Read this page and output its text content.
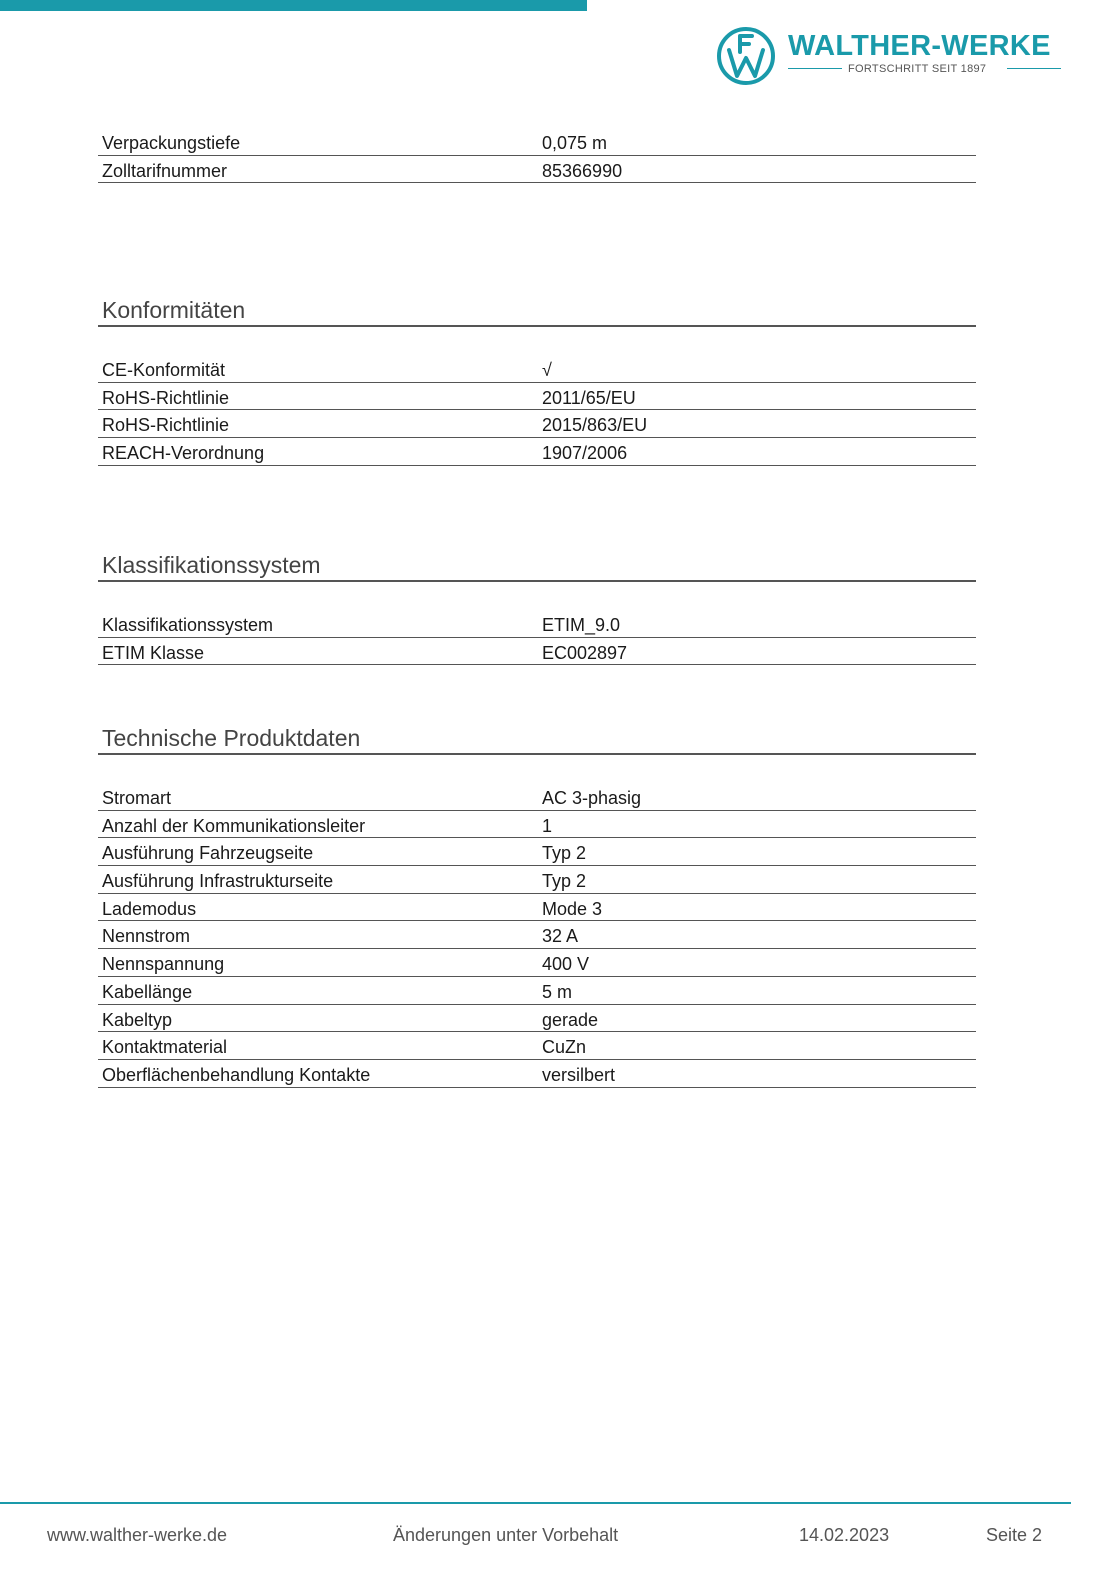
WALTHER-WERKE
FORTSCHRITT SEIT 1897
Verpackungstiefe	0,075 m
Zolltarifnummer	85366990
Konformitäten
CE-Konformität	√
RoHS-Richtlinie	2011/65/EU
RoHS-Richtlinie	2015/863/EU
REACH-Verordnung	1907/2006
Klassifikationssystem
Klassifikationssystem	ETIM_9.0
ETIM Klasse	EC002897
Technische Produktdaten
Stromart	AC 3-phasig
Anzahl der Kommunikationsleiter	1
Ausführung Fahrzeugseite	Typ 2
Ausführung Infrastrukturseite	Typ 2
Lademodus	Mode 3
Nennstrom	32 A
Nennspannung	400 V
Kabellänge	5 m
Kabeltyp	gerade
Kontaktmaterial	CuZn
Oberflächenbehandlung Kontakte	versilbert
www.walther-werke.de	Änderungen unter Vorbehalt	14.02.2023	Seite 2
